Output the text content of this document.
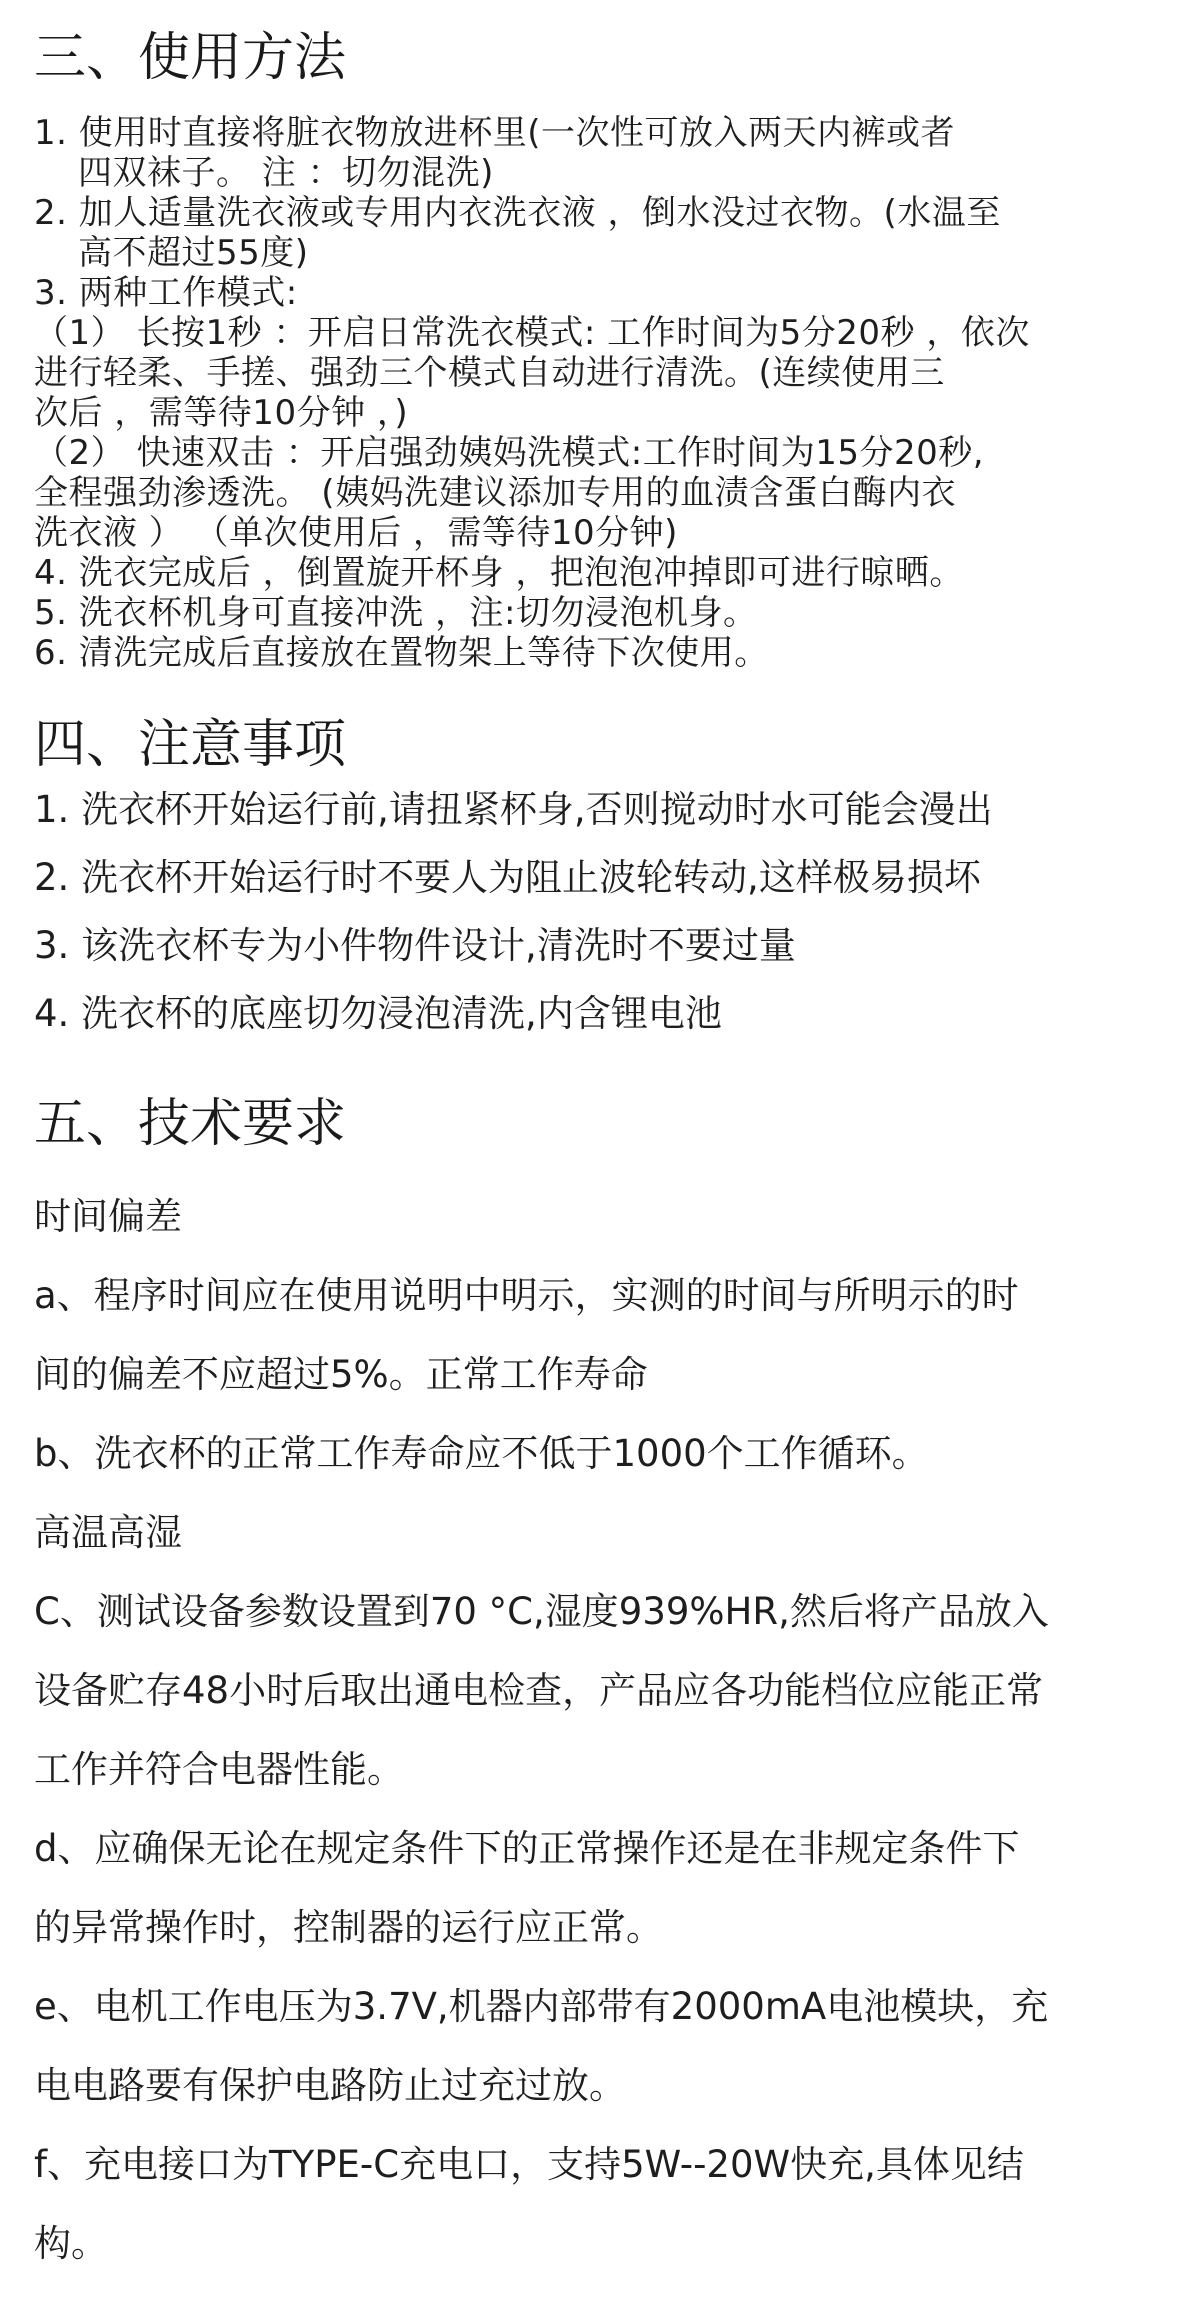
三、使用方法
1. 使用时直接将脏衣物放进杯里(一次性可放入两天内裤或者
四双袜子。 注 ：切勿混洗)
2. 加人适量洗衣液或专用内衣洗衣液 ，倒水没过衣物。(水温至
高不超过55度)
3. 两种工作模式:
（1） 长按1秒 ：开启日常洗衣模式: 工作时间为5分20秒 ，依次
进行轻柔、手搓、强劲三个模式自动进行清洗。(连续使用三
次后 ，需等待10分钟 ，)
（2） 快速双击 ：开启强劲姨妈洗模式:工作时间为15分20秒,
全程强劲渗透洗。 (姨妈洗建议添加专用的血渍含蛋白酶内衣
洗衣液 ） （单次使用后 ，需等待10分钟)
4. 洗衣完成后 ，倒置旋开杯身 ，把泡泡冲掉即可进行晾晒。
5. 洗衣杯机身可直接冲洗 ，注:切勿浸泡机身。
6. 清洗完成后直接放在置物架上等待下次使用。
四、注意事项
1. 洗衣杯开始运行前,请扭紧杯身,否则搅动时水可能会漫出
2. 洗衣杯开始运行时不要人为阻止波轮转动,这样极易损坏
3. 该洗衣杯专为小件物件设计,清洗时不要过量
4. 洗衣杯的底座切勿浸泡清洗,内含锂电池
五、技术要求
时间偏差
a、程序时间应在使用说明中明示，实测的时间与所明示的时
间的偏差不应超过5%。正常工作寿命
b、洗衣杯的正常工作寿命应不低于1000个工作循环。
高温高湿
C、测试设备参数设置到70 °C,湿度939%HR,然后将产品放入
设备贮存48小时后取出通电检查，产品应各功能档位应能正常
工作并符合电器性能。
d、应确保无论在规定条件下的正常操作还是在非规定条件下
的异常操作时，控制器的运行应正常。
e、电机工作电压为3.7V,机器内部带有2000mA电池模块，充
电电路要有保护电路防止过充过放。
f、充电接口为TYPE-C充电口，支持5W--20W快充,具体见结
构。
